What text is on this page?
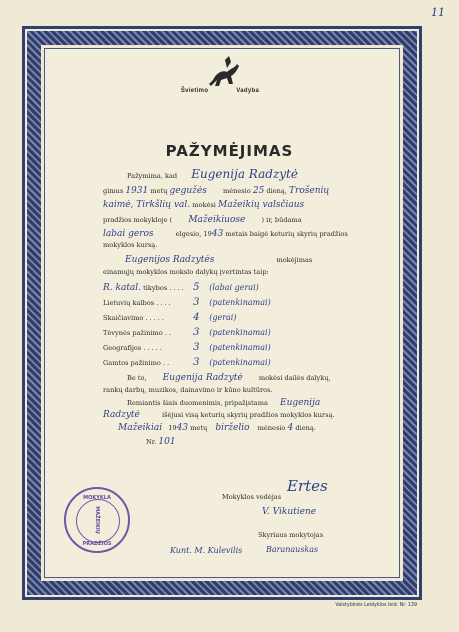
11
Švietimo	Vadyba
PAŽYMĖJIMAS
Pažymima, kad Eugenija Radzytė
gimus 1931 metų gegužės mėnesio 25 dieną, Trošenių
kaimė, Tirkšlių val. mokėsi Mažeikių valsčiaus
pradžios mokykloje ( Mažeikiuose ) ir, būdama
labai geros	elgesio, 1943 metais baigė keturių skyrių pradžios
mokyklos kursą.
Eugenijos Radzytės	mokėjimas
einamųjų mokyklos mokslo dalykų įvertintas taip:
R. katal. tikybos .... 5 (labai gerai)
Lietuvių kalbos .... 3 (patenkinamai)
Skaičiavimo .....	4 (gerai)
Tėvynės pažinimo .. 3 (patenkinamai)
Geografijos .....	3 (patenkinamai)
Gamtos pažinimo .. 3 (patenkinamai)
Be to, Eugenija Radzytė mokėsi dailės dalykų,
rankų darbų, muzikos, dainavimo ir kūno kultūros.
Remiantis šiais duomenimis, pripažįstama Eugenija
Radzytė	išėjusi visą keturių skyrių pradžios mokyklos kursą.
Mažeikiai 1943 metų birželio mėnesio 4 dieną.
Nr. 101
Mokyklos vedėjas
Ertes
V. Vikutiene
Skyriaus mokytojas
Kunt. M. Kulevilis	Baranauskas
MOKYKLA
MAŽEIKIŲ
PRADŽIOS
Valstybinės Leidyklos leid. Nr. 139
